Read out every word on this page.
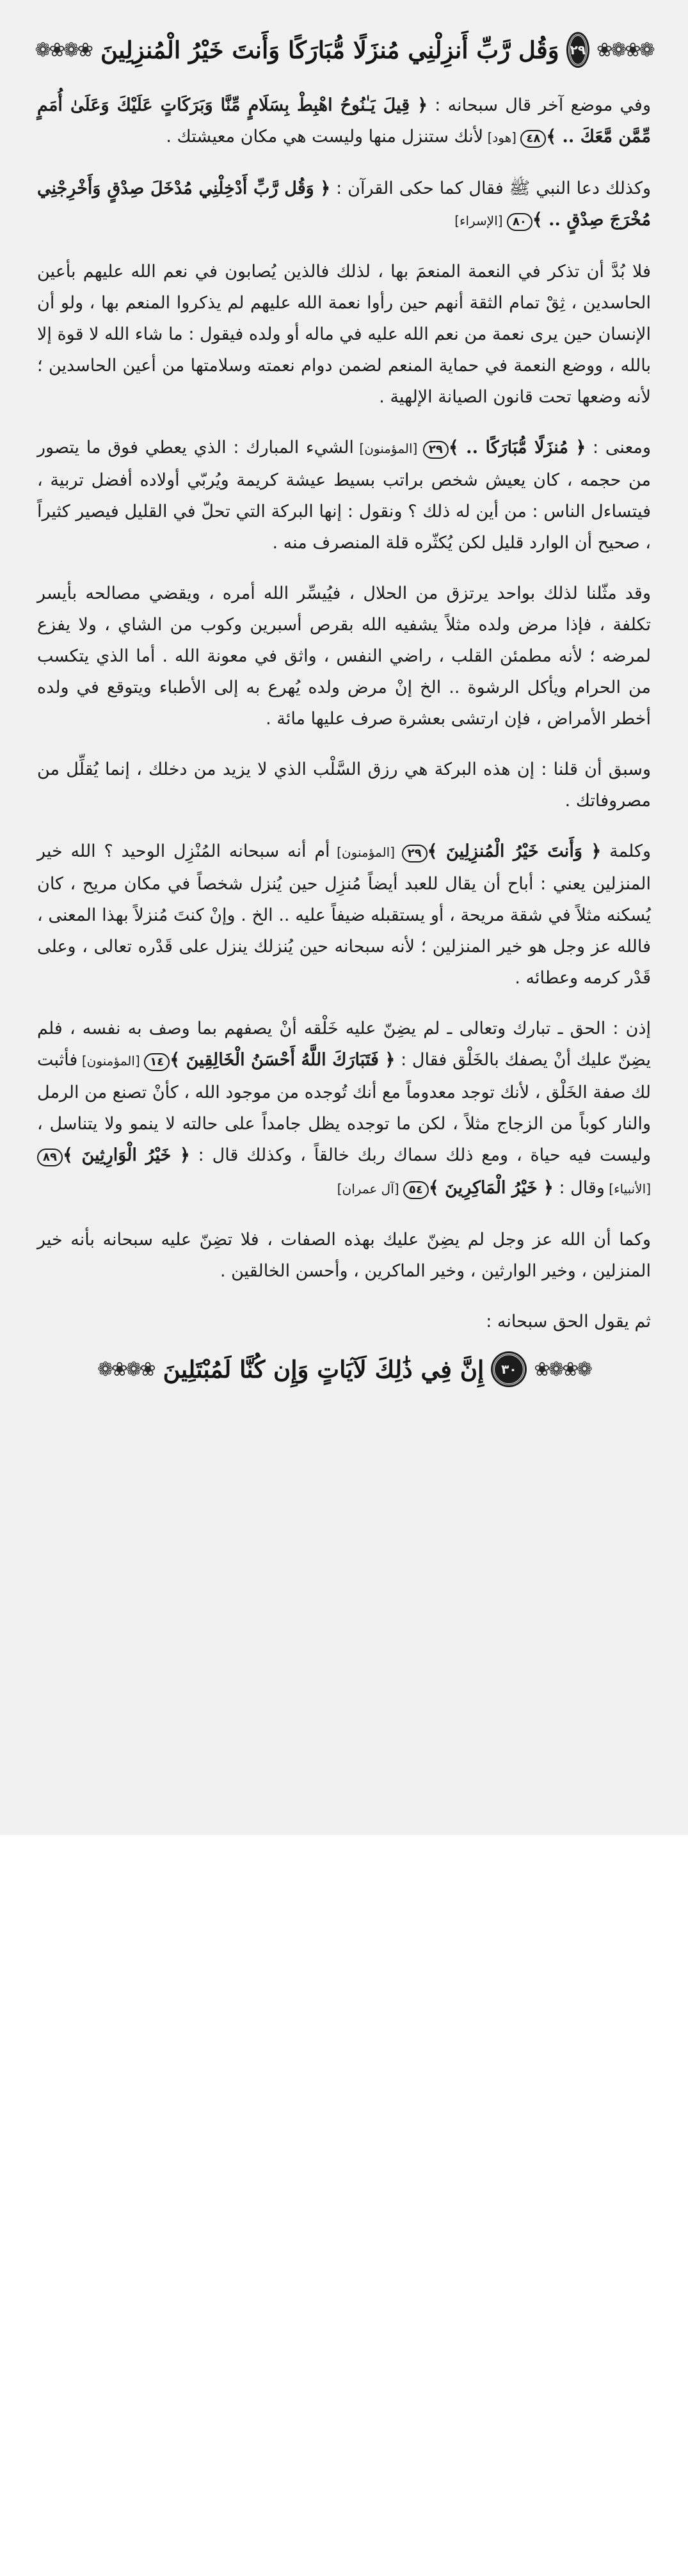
❁❀❁❀
٢٩
وَقُل رَّبِّ أَنزِلْنِي مُنزَلًا مُّبَارَكًا وَأَنتَ خَيْرُ الْمُنزِلِينَ
❀❁❀❁

وفي موضع آخر قال سبحانه : ﴿ قِيلَ يَـٰنُوحُ اهْبِطْ بِسَلَامٍ مِّنَّا وَبَرَكَاتٍ عَلَيْكَ وَعَلَىٰ أُمَمٍ مِّمَّن مَّعَكَ .. ﴾٤٨ [هود] لأنك ستنزل منها وليست هي مكان معيشتك .

وكذلك دعا النبي ﷺ فقال كما حكى القرآن : ﴿ وَقُل رَّبِّ أَدْخِلْنِي مُدْخَلَ صِدْقٍ وَأَخْرِجْنِي مُخْرَجَ صِدْقٍ .. ﴾٨٠ [الإسراء]

فلا بُدَّ أن تذكر في النعمة المنعمَ بها ، لذلك فالذين يُصابون في نعم الله عليهم بأعين الحاسدين ، ثِقْ تمام الثقة أنهم حين رأوا نعمة الله عليهم لم يذكروا المنعم بها ، ولو أن الإنسان حين يرى نعمة من نعم الله عليه في ماله أو ولده فيقول : ما شاء الله لا قوة إلا بالله ، ووضع النعمة في حماية المنعم لضمن دوام نعمته وسلامتها من أعين الحاسدين ؛ لأنه وضعها تحت قانون الصيانة الإلهية .

ومعنى : ﴿ مُنزَلًا مُّبَارَكًا .. ﴾٢٩ [المؤمنون] الشيء المبارك : الذي يعطي فوق ما يتصور من حجمه ، كان يعيش شخص براتب بسيط عيشة كريمة ويُربّي أولاده أفضل تربية ، فيتساءل الناس : من أين له ذلك ؟ ونقول : إنها البركة التي تحلّ في القليل فيصير كثيراً ، صحيح أن الوارد قليل لكن يُكثّره قلة المنصرف منه .

وقد مثّلنا لذلك بواحد يرتزق من الحلال ، فيُيسِّر الله أمره ، ويقضي مصالحه بأيسر تكلفة ، فإذا مرض ولده مثلاً يشفيه الله بقرص أسبرين وكوب من الشاي ، ولا يفزع لمرضه ؛ لأنه مطمئن القلب ، راضي النفس ، واثق في معونة الله . أما الذي يتكسب من الحرام ويأكل الرشوة .. الخ إنْ مرض ولده يُهرع به إلى الأطباء ويتوقع في ولده أخطر الأمراض ، فإن ارتشى بعشرة صرف عليها مائة .

وسبق أن قلنا : إن هذه البركة هي رزق السَّلْب الذي لا يزيد من دخلك ، إنما يُقلِّل من مصروفاتك .

وكلمة ﴿ وَأَنتَ خَيْرُ الْمُنزِلِينَ ﴾٢٩ [المؤمنون] أم أنه سبحانه المُنْزِل الوحيد ؟ الله خير المنزلين يعني : أباح أن يقال للعبد أيضاً مُنزِل حين يُنزل شخصاً في مكان مريح ، كان يُسكنه مثلاً في شقة مريحة ، أو يستقبله ضيفاً عليه .. الخ . وإنْ كنتَ مُنزلاً بهذا المعنى ، فالله عز وجل هو خير المنزلين ؛ لأنه سبحانه حين يُنزلك ينزل على قَدْره تعالى ، وعلى قَدْر كرمه وعطائه .

إذن : الحق ـ تبارك وتعالى ـ لم يضِنّ عليه خَلْقه أنْ يصفهم بما وصف به نفسه ، فلم يضِنّ عليك أنْ يصفك بالخَلْق فقال : ﴿ فَتَبَارَكَ اللَّهُ أَحْسَنُ الْخَالِقِينَ ﴾١٤ [المؤمنون] فأثبت لك صفة الخَلْق ، لأنك توجد معدوماً مع أنك تُوجده من موجود الله ، كأنْ تصنع من الرمل والنار كوباً من الزجاج مثلاً ، لكن ما توجده يظل جامداً على حالته لا ينمو ولا يتناسل ، وليست فيه حياة ، ومع ذلك سماك ربك خالقاً ، وكذلك قال : ﴿ خَيْرُ الْوَارِثِينَ ﴾٨٩ [الأنبياء] وقال : ﴿ خَيْرُ الْمَاكِرِينَ ﴾٥٤ [آل عمران]

وكما أن الله عز وجل لم يضِنّ عليك بهذه الصفات ، فلا تضِنّ عليه سبحانه بأنه خير المنزلين ، وخير الوارثين ، وخير الماكرين ، وأحسن الخالقين .

ثم يقول الحق سبحانه :

❁❀❁❀
٣٠
إِنَّ فِي ذَٰلِكَ لَآيَاتٍ وَإِن كُنَّا لَمُبْتَلِينَ
❀❁❀❁
